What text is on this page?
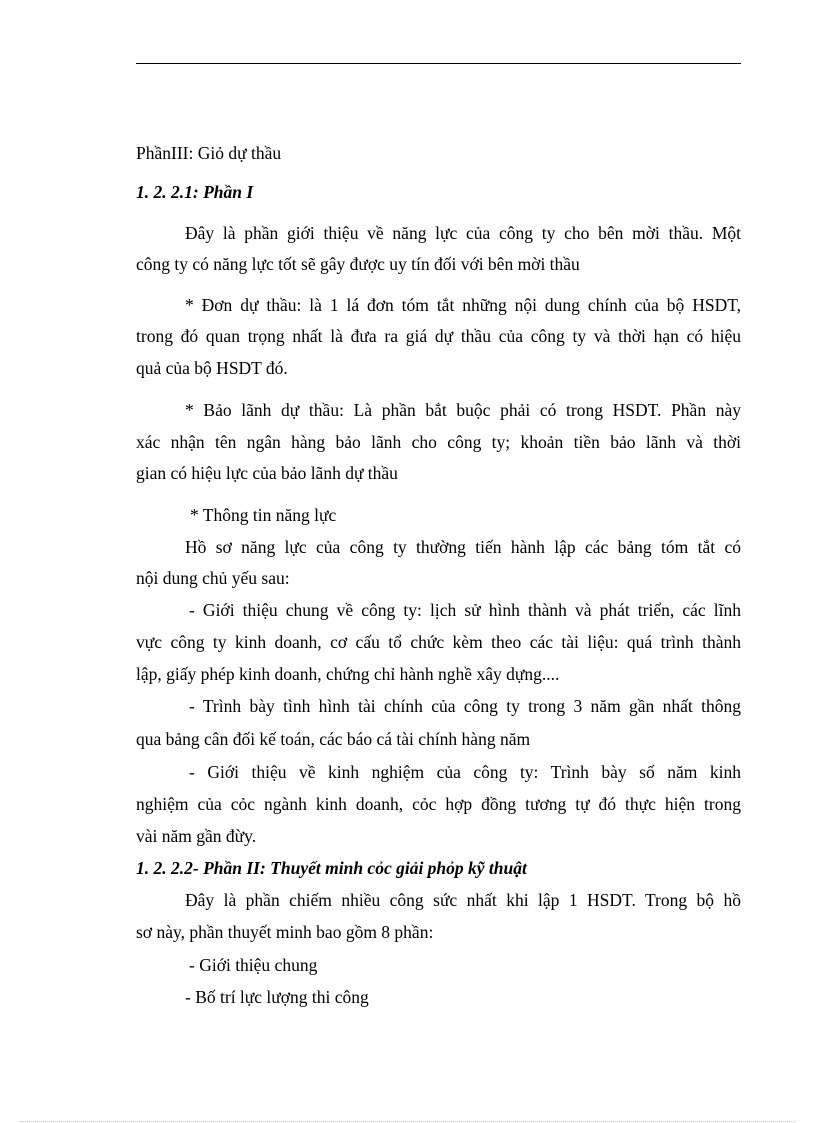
PhầnIII: Giỏ dự thầu
1. 2. 2.1: Phần I
Đây là phần giới thiệu về năng lực của công ty cho bên mời thầu. Một
công ty có năng lực tốt sẽ gây được uy tín đối với bên mời thầu
* Đơn dự thầu: là 1 lá đơn tóm tắt những nội dung chính của bộ HSDT,
trong đó quan trọng nhất là đưa ra giá dự thầu của công ty và thời hạn có hiệu
quả của bộ HSDT đó.
* Bảo lãnh dự thầu: Là phần bắt buộc phải có trong HSDT. Phần này
xác nhận tên ngân hàng bảo lãnh cho công ty; khoản tiền bảo lãnh và thời
gian có hiệu lực của bảo lãnh dự thầu
* Thông tin năng lực
Hồ sơ năng lực của công ty thường tiến hành lập các bảng tóm tắt có
nội dung chủ yếu sau:
- Giới thiệu chung về công ty: lịch sử hình thành và phát triển, các lĩnh
vực công ty kinh doanh, cơ cấu tổ chức kèm theo các tài liệu: quá trình thành
lập, giấy phép kinh doanh, chứng chỉ hành nghề xây dựng....
- Trình bày tình hình tài chính của công ty trong 3 năm gần nhất thông
qua bảng cân đối kế toán, các báo cá tài chính hàng năm
- Giới thiệu về kinh nghiệm của công ty: Trình bày số năm kinh
nghiệm của cỏc ngành kinh doanh, cỏc hợp đồng tương tự đó thực hiện trong
vài năm gần đừy.
1. 2. 2.2- Phần II: Thuyết minh cỏc giải phỏp kỹ thuật
Đây là phần chiếm nhiều công sức nhất khi lập 1 HSDT. Trong bộ hồ
sơ này, phần thuyết minh bao gồm 8 phần:
- Giới thiệu chung
- Bố trí lực lượng thi công
